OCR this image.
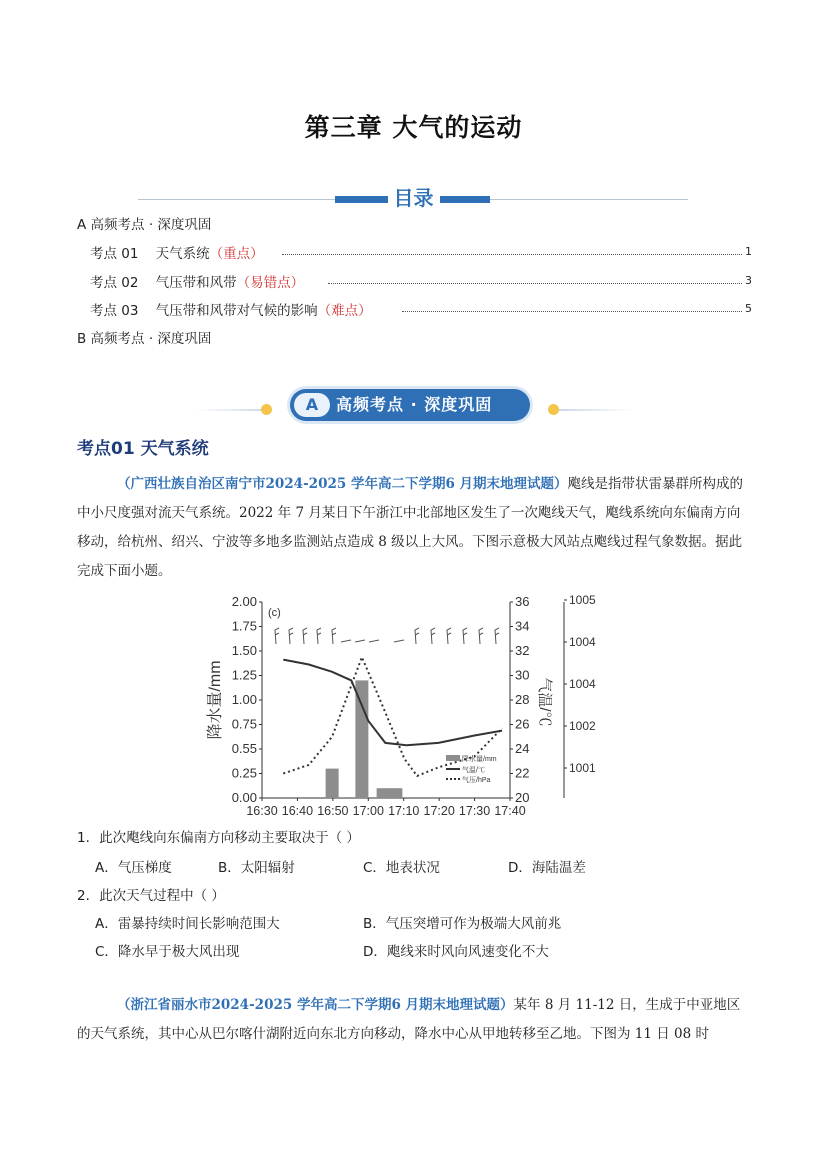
第三章 大气的运动
目录
A 高频考点 · 深度巩固
考点 01 天气系统（重点）	1
考点 02 气压带和风带（易错点）	3
考点 03 气压带和风带对气候的影响（难点）	5
B 高频考点 · 深度巩固
A	高频考点 · 深度巩固
考点01 天气系统
（广西壮族自治区南宁市2024-2025 学年高二下学期6 月期末地理试题）飑线是指带状雷暴群所构成的中小尺度强对流天气系统。2022 年 7 月某日下午浙江中北部地区发生了一次飑线天气，飑线系统向东偏南方向移动，给杭州、绍兴、宁波等多地多监测站点造成 8 级以上大风。下图示意极大风站点飑线过程气象数据。据此完成下面小题。
2.00
1.75
1.50
1.25
1.00
0.75
0.55
0.25
0.00
36
34
32
30
28
26
24
22
20
1005
1004
1004
1002
1001
16:30 16:40 16:50 17:00 17:10 17:20 17:30 17:40
降水量/mm	气温/℃
(c)
降水量/mm
气温/℃
气压/hPa
1．此次飑线向东偏南方向移动主要取决于（ ）
A．气压梯度	B．太阳辐射	C．地表状况	D．海陆温差
2．此次天气过程中（ ）
A．雷暴持续时间长影响范围大	B．气压突增可作为极端大风前兆
C．降水早于极大风出现	D．飑线来时风向风速变化不大
（浙江省丽水市2024-2025 学年高二下学期6 月期末地理试题）某年 8 月 11-12 日，生成于中亚地区的天气系统，其中心从巴尔喀什湖附近向东北方向移动，降水中心从甲地转移至乙地。下图为 11 日 08 时
